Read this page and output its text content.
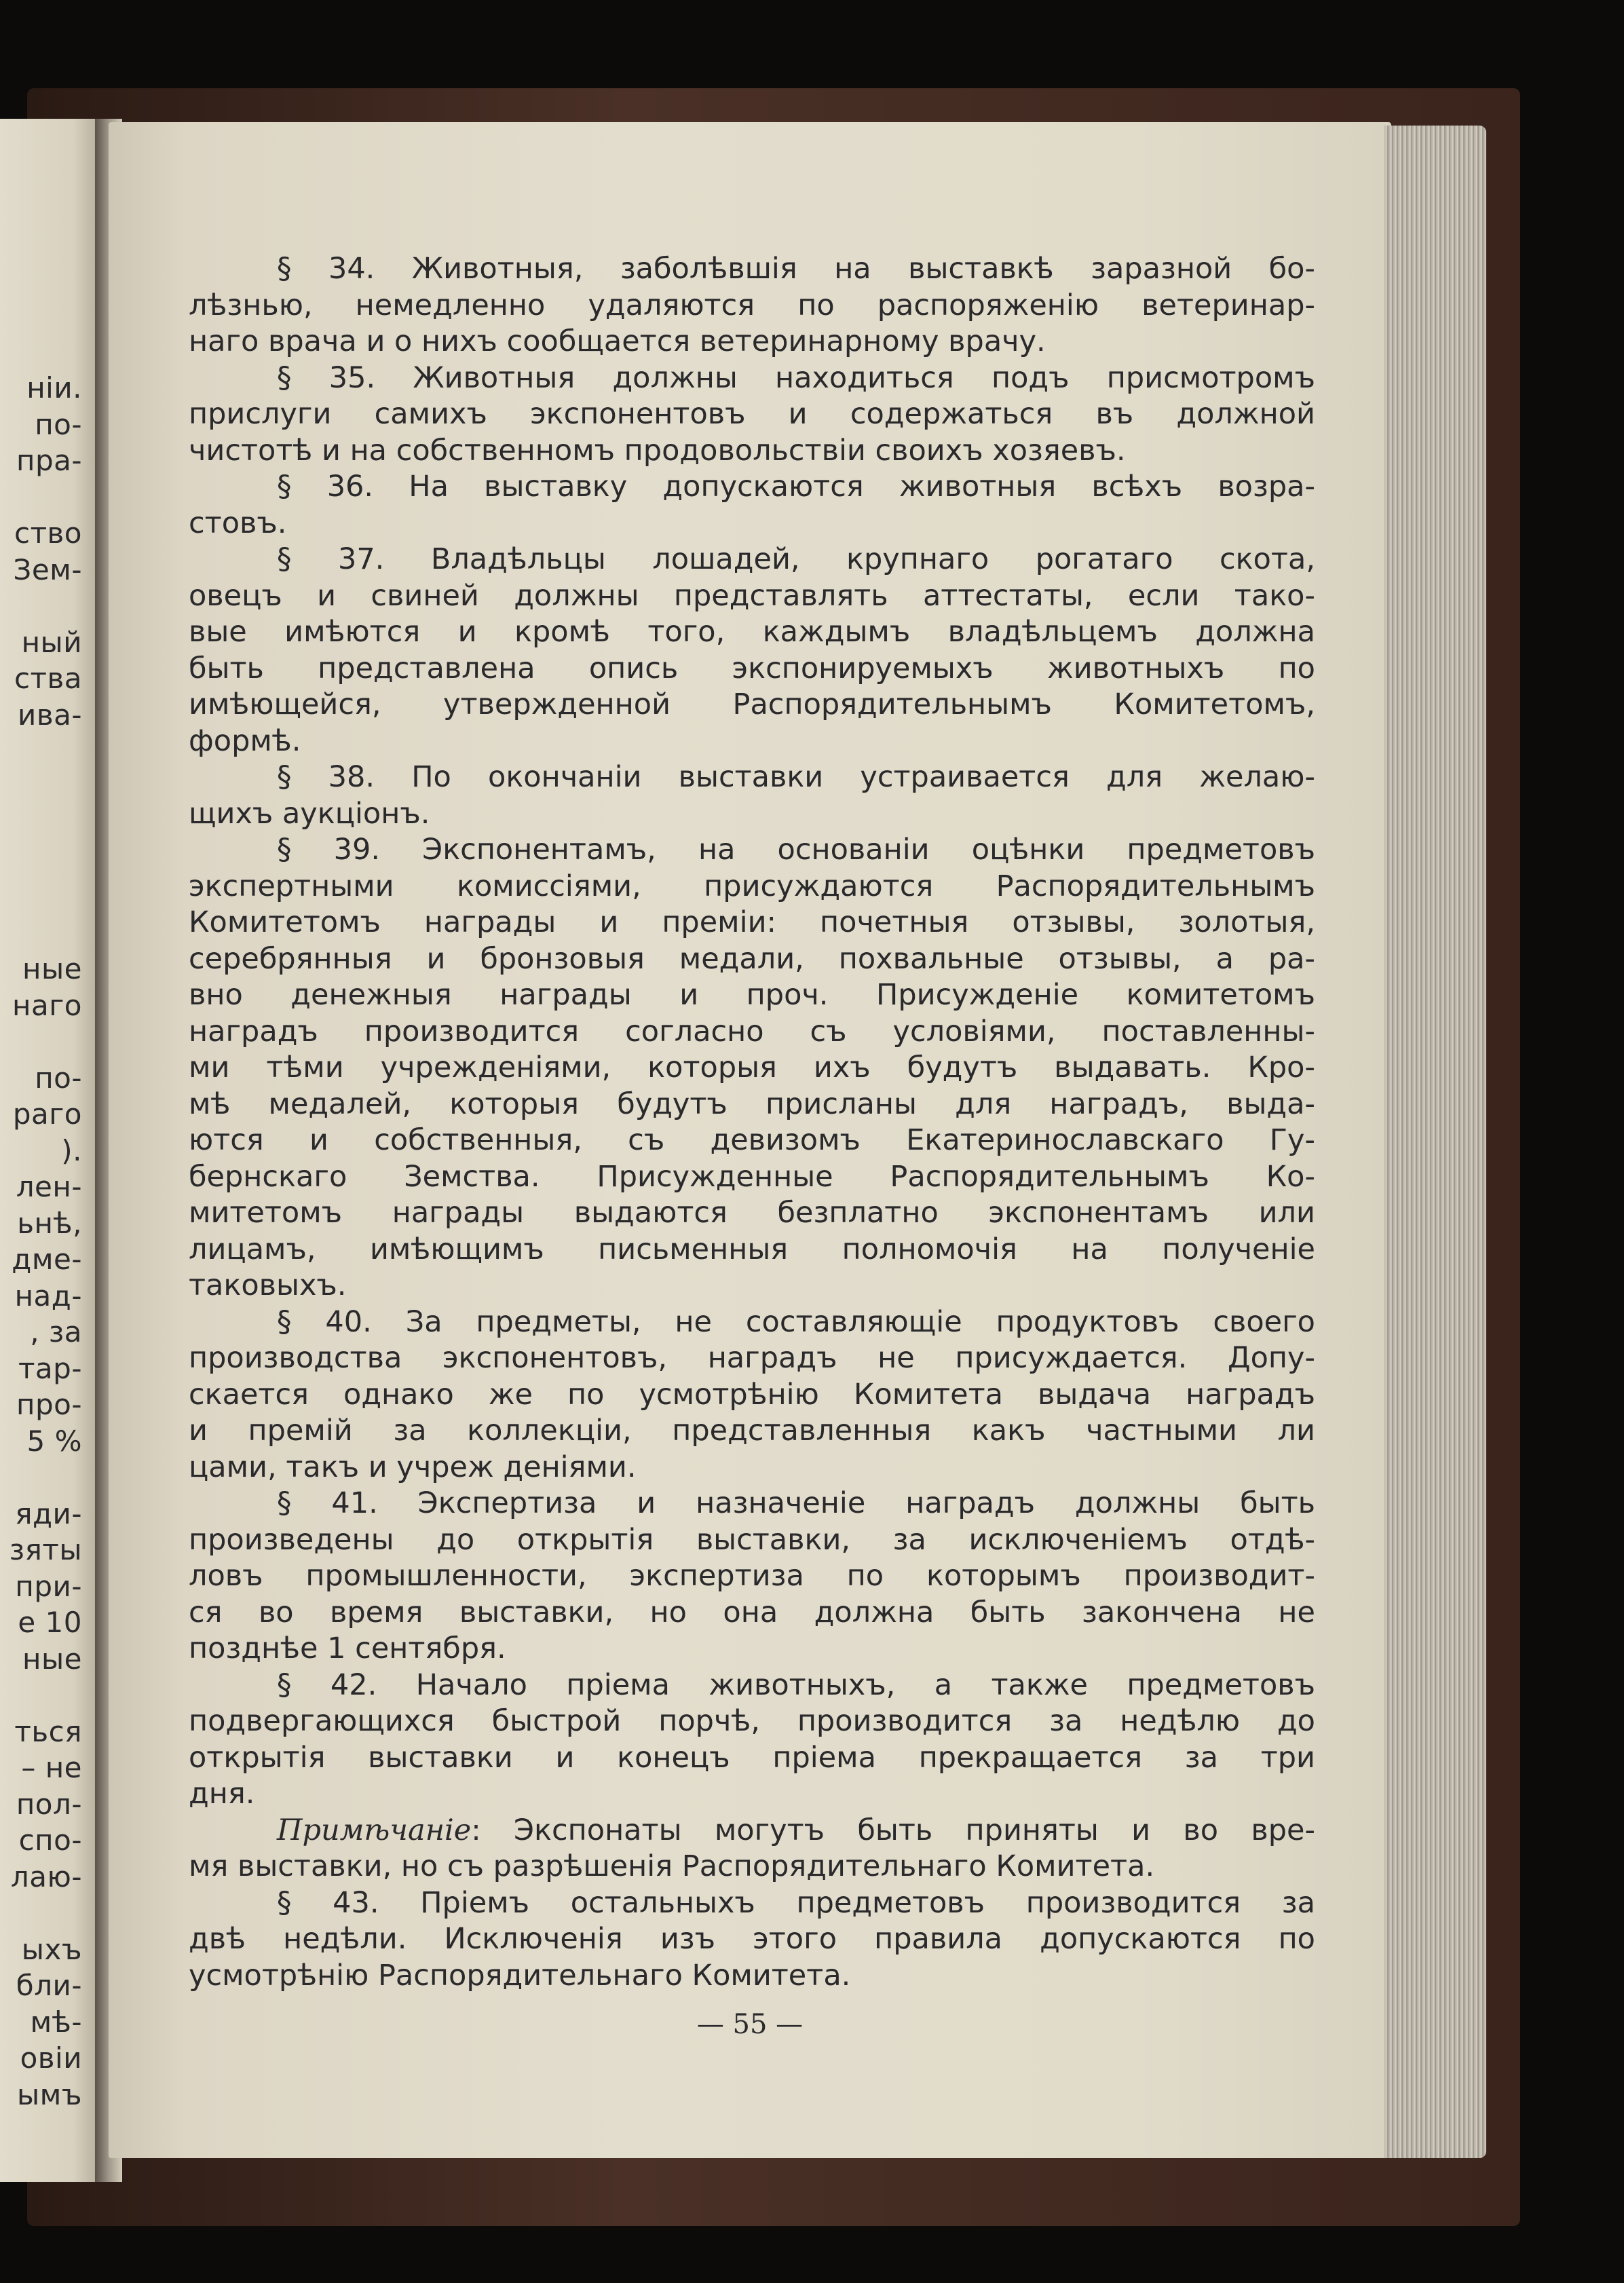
нiи.
по-
пра-
ство
Зем-
ный
ства
ива-
ные
наго
по-
раго
).
лен-
ьнѣ,
дме-
над-
, за
тар-
про-
5 %
яди-
зяты
при-
е 10
ные
ться
– не
пол-
спо-
лаю-
ыхъ
бли-
мѣ-
овiи
ымъ

§ 34. Животныя, заболѣвшiя на выставкѣ заразной бо-
лѣзнью, немедленно удаляются по распоряженiю ветеринар-
наго врача и о нихъ сообщается ветеринарному врачу.

§ 35. Животныя должны находиться подъ присмотромъ
прислуги самихъ экспонентовъ и содержаться въ должной
чистотѣ и на собственномъ продовольствiи своихъ хозяевъ.

§ 36. На выставку допускаются животныя всѣхъ возра-
стовъ.

§ 37. Владѣльцы лошадей, крупнаго рогатаго скота,
овецъ и свиней должны представлять аттестаты, если тако-
вые имѣются и кромѣ того, каждымъ владѣльцемъ должна
быть представлена опись экспонируемыхъ животныхъ по
имѣющейся, утвержденной Распорядительнымъ Комитетомъ,
формѣ.

§ 38. По окончанiи выставки устраивается для желаю-
щихъ аукцiонъ.

§ 39. Экспонентамъ, на основанiи оцѣнки предметовъ
экспертными комиссiями, присуждаются Распорядительнымъ
Комитетомъ награды и премiи: почетныя отзывы, золотыя,
серебрянныя и бронзовыя медали, похвальные отзывы, а ра-
вно денежныя награды и проч. Присужденiе комитетомъ
наградъ производится согласно съ условiями, поставленны-
ми тѣми учрежденiями, которыя ихъ будутъ выдавать. Кро-
мѣ медалей, которыя будутъ присланы для наградъ, выда-
ются и собственныя, съ девизомъ Екатеринославскаго Гу-
бернскаго Земства. Присужденные Распорядительнымъ Ко-
митетомъ награды выдаются безплатно экспонентамъ или
лицамъ, имѣющимъ письменныя полномочiя на полученiе
таковыхъ.

§ 40. За предметы, не составляющiе продуктовъ своего
производства экспонентовъ, наградъ не присуждается. Допу-
скается однако же по усмотрѣнiю Комитета выдача наградъ
и премiй за коллекцiи, представленныя какъ частными ли
цами, такъ и учреж денiями.

§ 41. Экспертиза и назначенiе наградъ должны быть
произведены до открытiя выставки, за исключенiемъ отдѣ-
ловъ промышленности, экспертиза по которымъ производит-
ся во время выставки, но она должна быть закончена не
позднѣе 1 сентября.

§ 42. Начало прiема животныхъ, а также предметовъ
подвергающихся быстрой порчѣ, производится за недѣлю до
открытiя выставки и конецъ прiема прекращается за три
дня.

Примѣчанiе: Экспонаты могутъ быть приняты и во вре-
мя выставки, но съ разрѣшенiя Распорядительнаго Комитета.

§ 43. Прiемъ остальныхъ предметовъ производится за
двѣ недѣли. Исключенiя изъ этого правила допускаются по
усмотрѣнiю Распорядительнаго Комитета.

— 55 —
